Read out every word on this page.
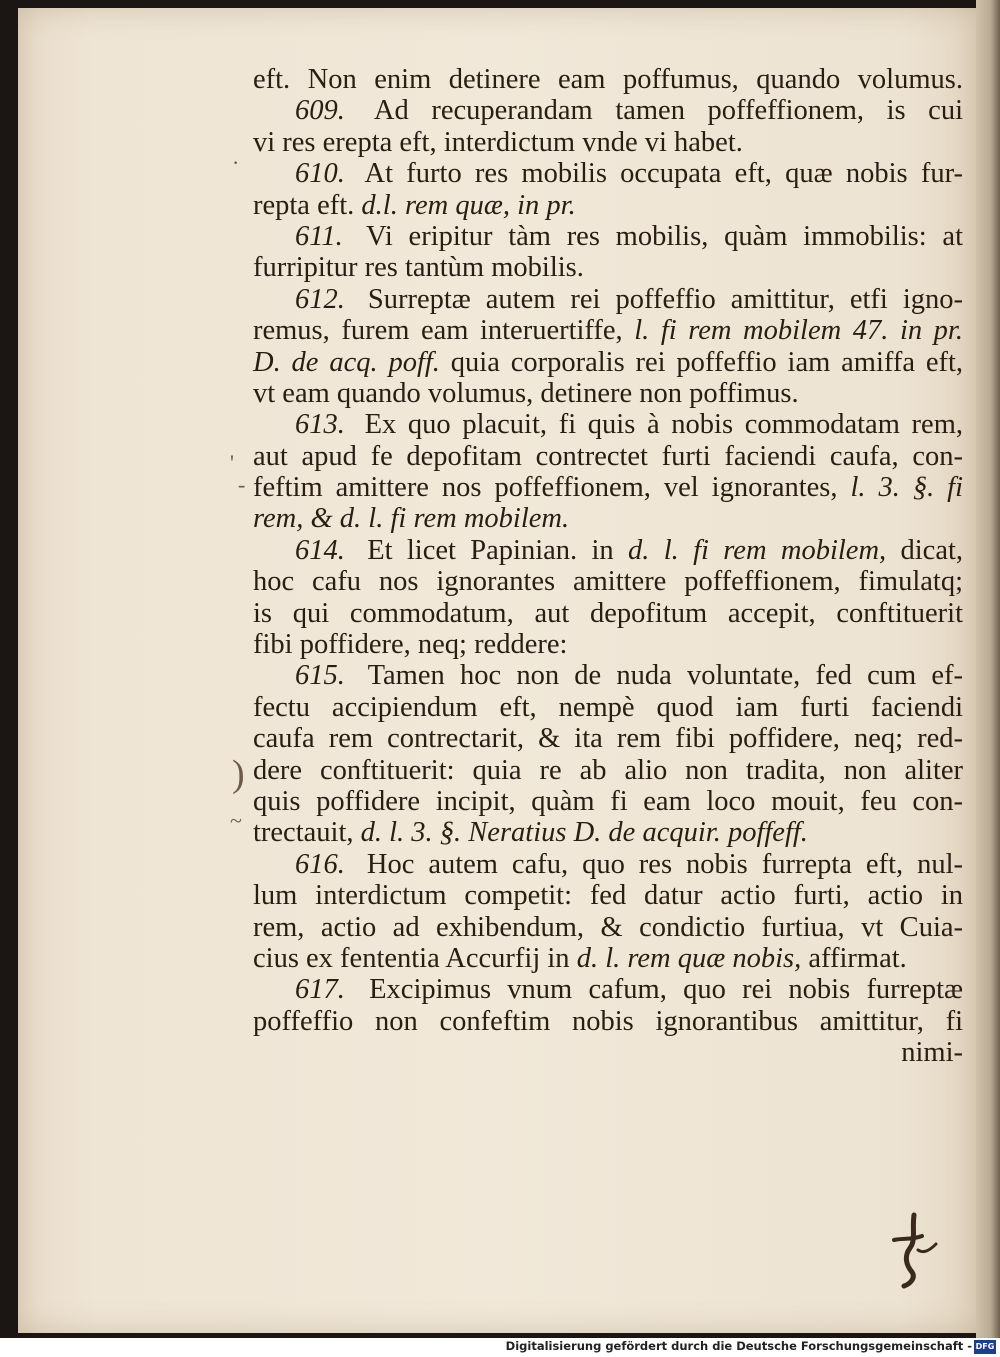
·
'
-
)
~
eft. Non enim detinere eam poffumus, quando volumus.
609. Ad recuperandam tamen poffeffionem, is cui
vi res erepta eft, interdictum vnde vi habet.
610. At furto res mobilis occupata eft, quæ nobis fur-
repta eft. d.l. rem quæ, in pr.
611. Vi eripitur tàm res mobilis, quàm immobilis: at
furripitur res tantùm mobilis.
612. Surreptæ autem rei poffeffio amittitur, etfi igno-
remus, furem eam interuertiffe, l. fi rem mobilem 47. in pr.
D. de acq. poff. quia corporalis rei poffeffio iam amiffa eft,
vt eam quando volumus, detinere non poffimus.
613. Ex quo placuit, fi quis à nobis commodatam rem,
aut apud fe depofitam contrectet furti faciendi caufa, con-
feftim amittere nos poffeffionem, vel ignorantes, l. 3. §. fi
rem, & d. l. fi rem mobilem.
614. Et licet Papinian. in d. l. fi rem mobilem, dicat,
hoc cafu nos ignorantes amittere poffeffionem, fimulatq;
is qui commodatum, aut depofitum accepit, conftituerit
fibi poffidere, neq; reddere:
615. Tamen hoc non de nuda voluntate, fed cum ef-
fectu accipiendum eft, nempè quod iam furti faciendi
caufa rem contrectarit, & ita rem fibi poffidere, neq; red-
dere conftituerit: quia re ab alio non tradita, non aliter
quis poffidere incipit, quàm fi eam loco mouit, feu con-
trectauit, d. l. 3. §. Neratius D. de acquir. poffeff.
616. Hoc autem cafu, quo res nobis furrepta eft, nul-
lum interdictum competit: fed datur actio furti, actio in
rem, actio ad exhibendum, & condictio furtiua, vt Cuia-
cius ex fententia Accurfij in d. l. rem quæ nobis, affirmat.
617. Excipimus vnum cafum, quo rei nobis furreptæ
poffeffio non confeftim nobis ignorantibus amittitur, fi
nimi-
Digitalisierung gefördert durch die Deutsche Forschungsgemeinschaft - DFG
